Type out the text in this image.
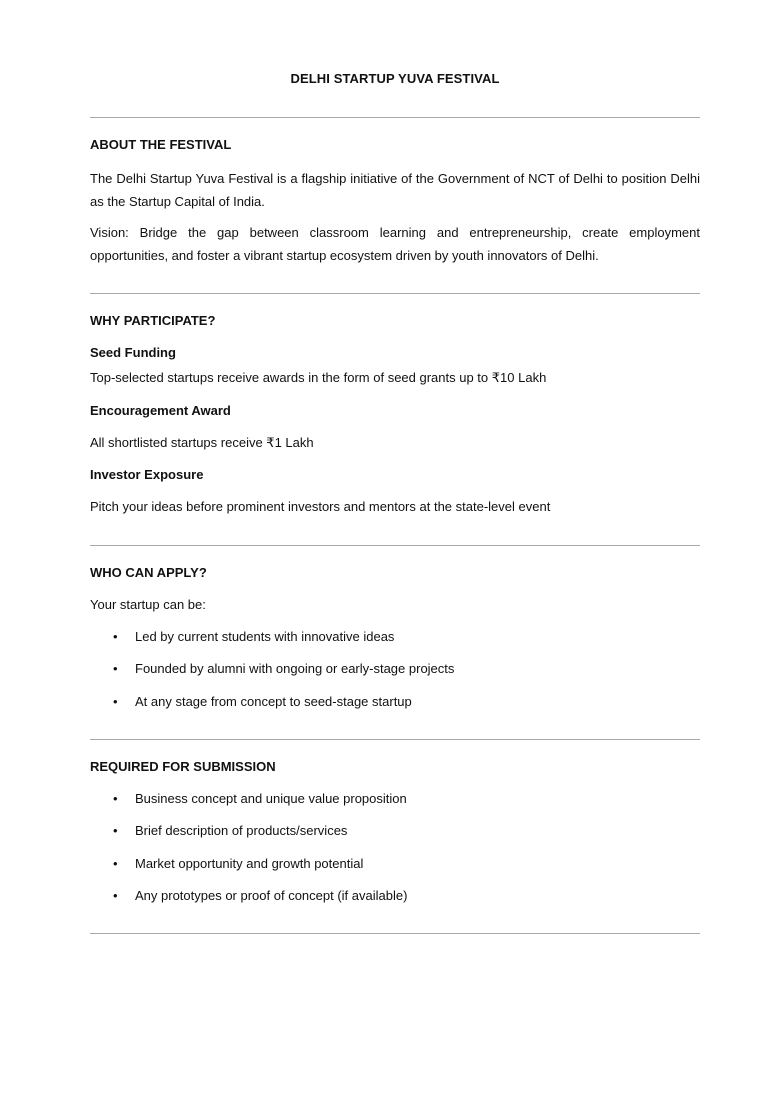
DELHI STARTUP YUVA FESTIVAL
ABOUT THE FESTIVAL

The Delhi Startup Yuva Festival is a flagship initiative of the Government of NCT of Delhi to position Delhi as the Startup Capital of India.

Vision: Bridge the gap between classroom learning and entrepreneurship, create employment opportunities, and foster a vibrant startup ecosystem driven by youth innovators of Delhi.

WHY PARTICIPATE?
Seed Funding

Top-selected startups receive awards in the form of seed grants up to ₹10 Lakh

Encouragement Award

All shortlisted startups receive ₹1 Lakh

Investor Exposure

Pitch your ideas before prominent investors and mentors at the state-level event

WHO CAN APPLY?

Your startup can be:

• Led by current students with innovative ideas
• Founded by alumni with ongoing or early-stage projects
• At any stage from concept to seed-stage startup
REQUIRED FOR SUBMISSION
• Business concept and unique value proposition
• Brief description of products/services
• Market opportunity and growth potential
• Any prototypes or proof of concept (if available)
